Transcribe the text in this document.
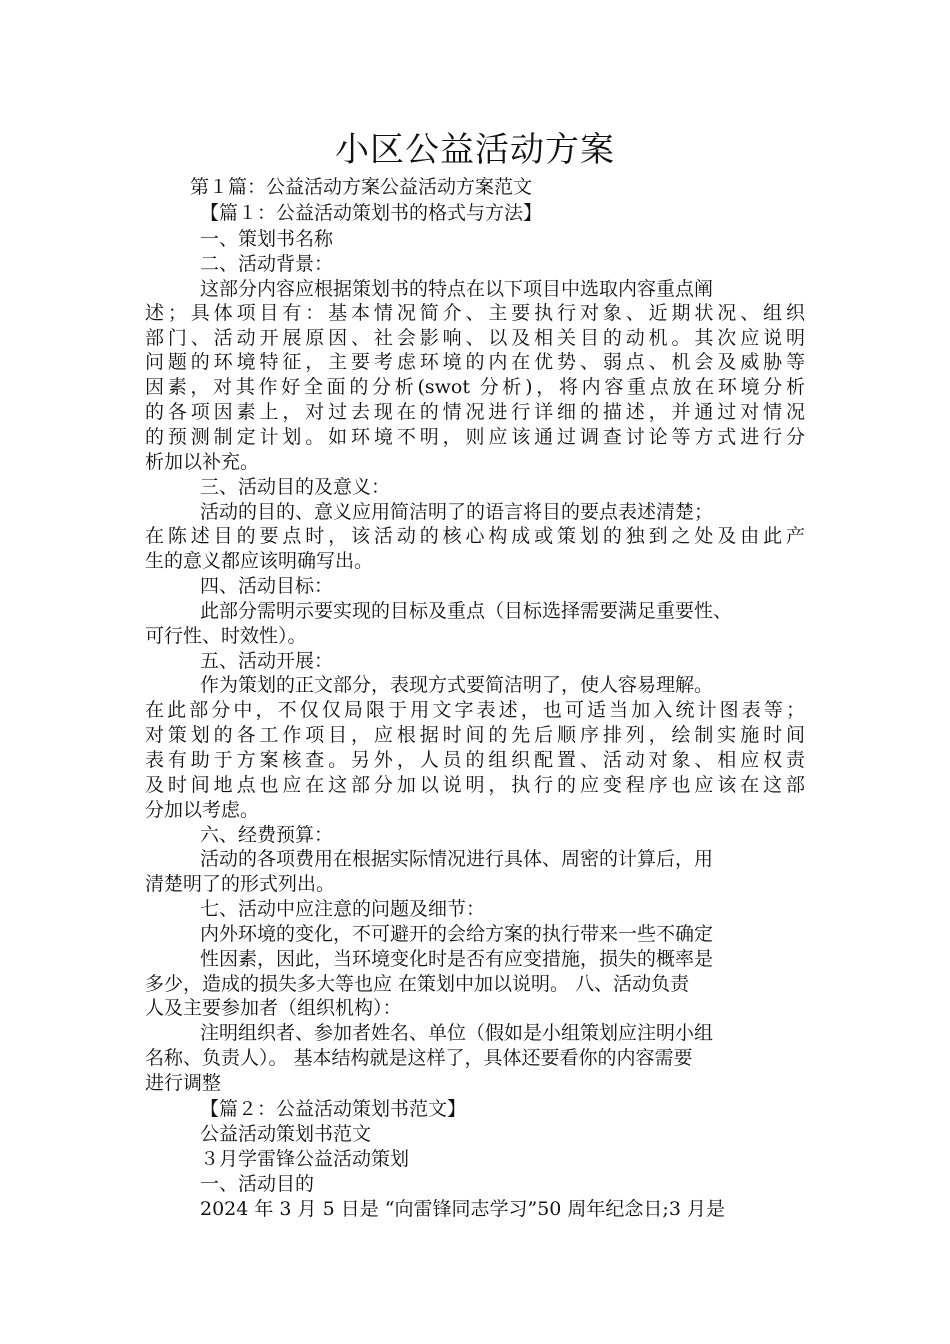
小区公益活动方案
第１篇：公益活动方案公益活动方案范文
【篇１：公益活动策划书的格式与方法】
一、策划书名称
二、活动背景：
这部分内容应根据策划书的特点在以下项目中选取内容重点阐
述；具体项目有：基本情况简介、主要执行对象、近期状况、组织
部门、活动开展原因、社会影响、以及相关目的动机。其次应说明
问题的环境特征，主要考虑环境的内在优势、弱点、机会及威胁等
因素，对其作好全面的分析(swot 分析)，将内容重点放在环境分析
的各项因素上，对过去现在的情况进行详细的描述，并通过对情况
的预测制定计划。如环境不明，则应该通过调查讨论等方式进行分
析加以补充。
三、活动目的及意义：
活动的目的、意义应用简洁明了的语言将目的要点表述清楚；
在陈述目的要点时，该活动的核心构成或策划的独到之处及由此产
生的意义都应该明确写出。
四、活动目标：
此部分需明示要实现的目标及重点（目标选择需要满足重要性、
可行性、时效性）。
五、活动开展：
作为策划的正文部分，表现方式要简洁明了，使人容易理解。
在此部分中，不仅仅局限于用文字表述，也可适当加入统计图表等；
对策划的各工作项目，应根据时间的先后顺序排列，绘制实施时间
表有助于方案核查。另外，人员的组织配置、活动对象、相应权责
及时间地点也应在这部分加以说明，执行的应变程序也应该在这部
分加以考虑。
六、经费预算：
活动的各项费用在根据实际情况进行具体、周密的计算后，用
清楚明了的形式列出。
七、活动中应注意的问题及细节：
内外环境的变化，不可避开的会给方案的执行带来一些不确定
性因素，因此，当环境变化时是否有应变措施，损失的概率是
多少，造成的损失多大等也应 在策划中加以说明。 八、活动负责
人及主要参加者（组织机构）：
注明组织者、参加者姓名、单位（假如是小组策划应注明小组
名称、负责人）。 基本结构就是这样了，具体还要看你的内容需要
进行调整
【篇２：公益活动策划书范文】
公益活动策划书范文
３月学雷锋公益活动策划
一、活动目的
2024 年 3 月 5 日是 “向雷锋同志学习”50 周年纪念日;3 月是
